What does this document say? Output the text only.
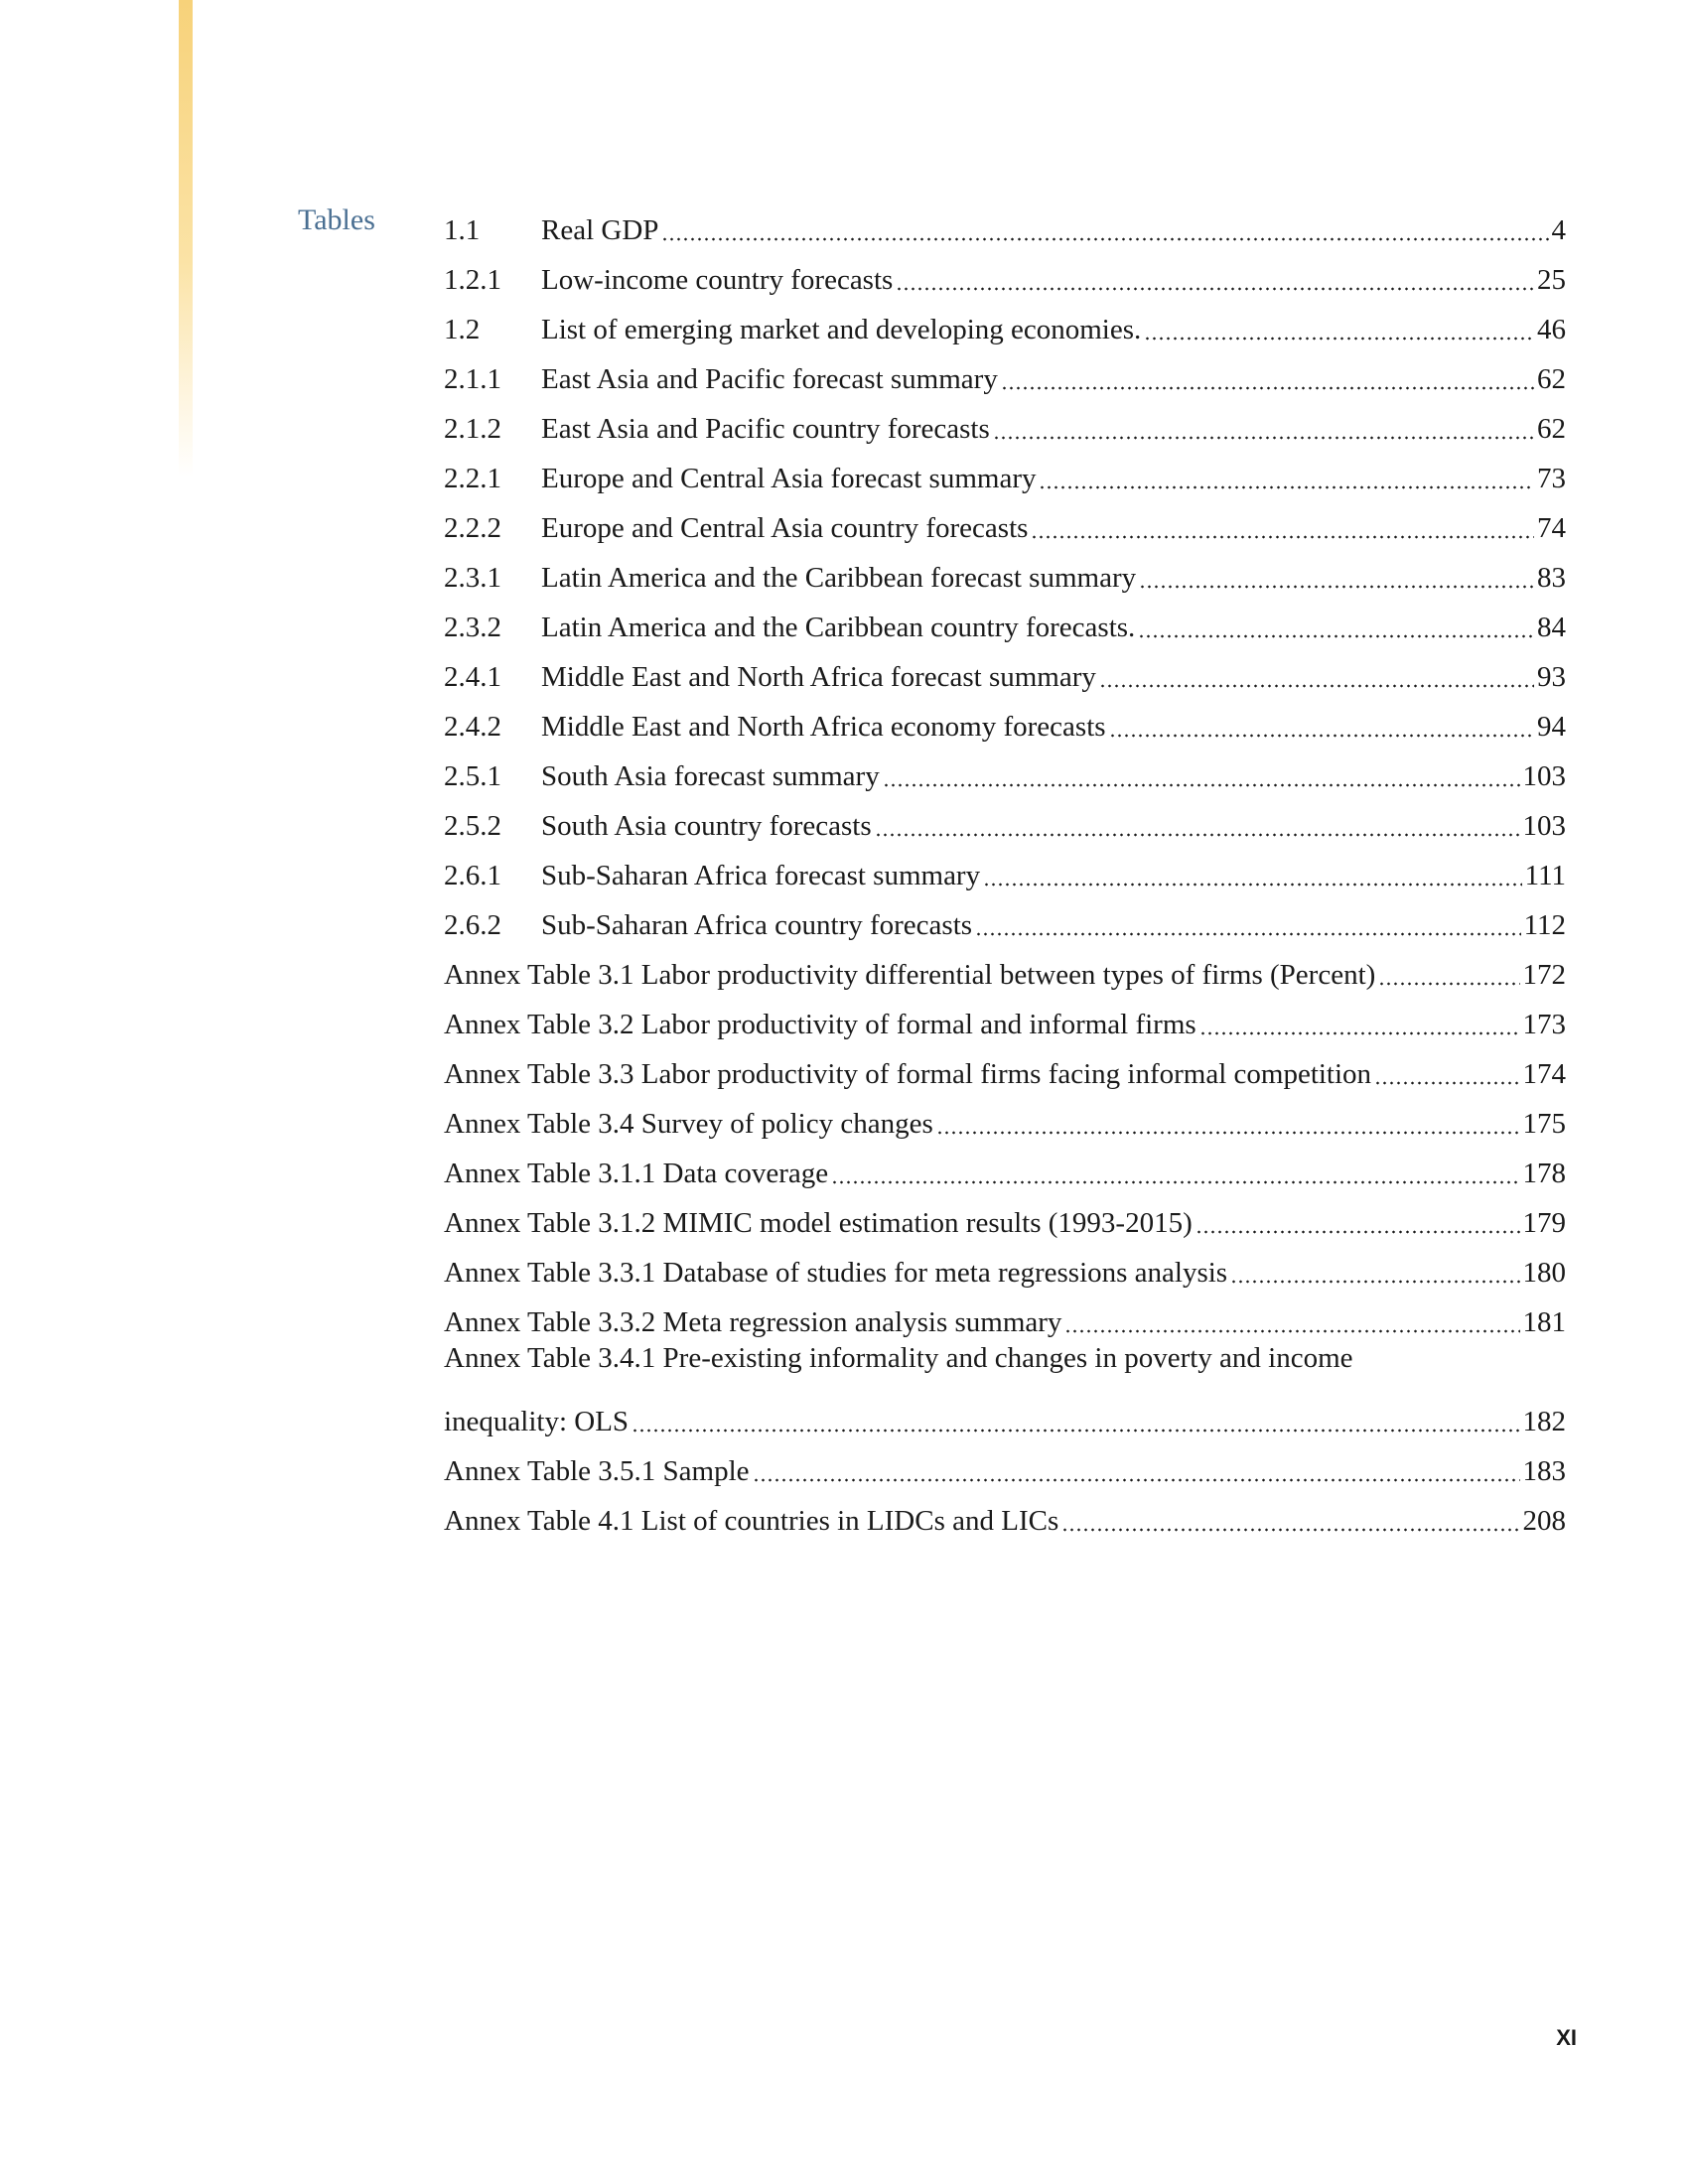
Tables 1.1	Real GDP	4
1.2.1	Low-income country forecasts	25
1.2	List of emerging market and developing economies.	46
2.1.1	East Asia and Pacific forecast summary	62
2.1.2	East Asia and Pacific country forecasts	62
2.2.1	Europe and Central Asia forecast summary	73
2.2.2	Europe and Central Asia country forecasts	74
2.3.1	Latin America and the Caribbean forecast summary	83
2.3.2	Latin America and the Caribbean country forecasts.	84
2.4.1	Middle East and North Africa forecast summary	93
2.4.2	Middle East and North Africa economy forecasts	94
2.5.1	South Asia forecast summary	103
2.5.2	South Asia country forecasts	103
2.6.1	Sub-Saharan Africa forecast summary	111
2.6.2	Sub-Saharan Africa country forecasts	112
Annex Table 3.1 Labor productivity differential between types of firms (Percent)	172
Annex Table 3.2 Labor productivity of formal and informal firms	173
Annex Table 3.3 Labor productivity of formal firms facing informal competition	174
Annex Table 3.4 Survey of policy changes	175
Annex Table 3.1.1 Data coverage	178
Annex Table 3.1.2 MIMIC model estimation results (1993-2015)	179
Annex Table 3.3.1 Database of studies for meta regressions analysis	180
Annex Table 3.3.2 Meta regression analysis summary	181
Annex Table 3.4.1 Pre-existing informality and changes in poverty and income
inequality: OLS	182
Annex Table 3.5.1 Sample	183
Annex Table 4.1 List of countries in LIDCs and LICs	208
XI
